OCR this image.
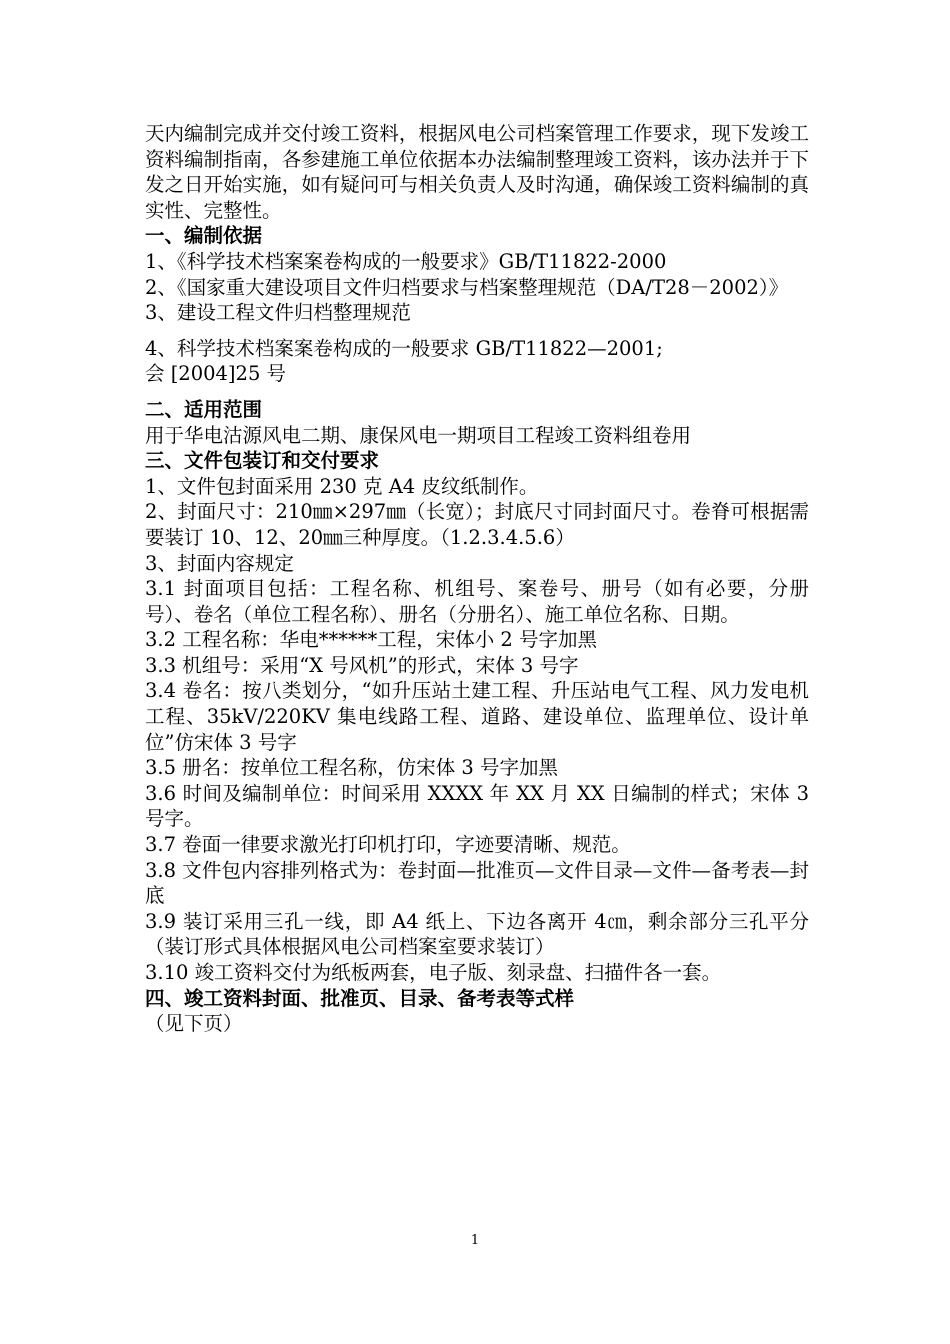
天内编制完成并交付竣工资料，根据风电公司档案管理工作要求，现下发竣工资料编制指南，各参建施工单位依据本办法编制整理竣工资料，该办法并于下发之日开始实施，如有疑问可与相关负责人及时沟通，确保竣工资料编制的真实性、完整性。

一、编制依据

1、《科学技术档案案卷构成的一般要求》GB/T11822-2000

2、《国家重大建设项目文件归档要求与档案整理规范（DA/T28－2002）》

3、建设工程文件归档整理规范

4、科学技术档案案卷构成的一般要求 GB/T11822—2001;

会 [2004]25 号

二、适用范围

用于华电沽源风电二期、康保风电一期项目工程竣工资料组卷用

三、文件包装订和交付要求

1、文件包封面采用 230 克 A4 皮纹纸制作。

2、封面尺寸：210㎜×297㎜（长宽）；封底尺寸同封面尺寸。卷脊可根据需要装订 10、12、20㎜三种厚度。（1.2.3.4.5.6）

3、封面内容规定

3.1 封面项目包括：工程名称、机组号、案卷号、册号（如有必要，分册号）、卷名（单位工程名称）、册名（分册名）、施工单位名称、日期。

3.2 工程名称：华电******工程，宋体小 2 号字加黑

3.3 机组号：采用“X 号风机”的形式，宋体 3 号字

3.4 卷名：按八类划分，“如升压站土建工程、升压站电气工程、风力发电机工程、35kV/220KV 集电线路工程、道路、建设单位、监理单位、设计单位”仿宋体 3 号字

3.5 册名：按单位工程名称，仿宋体 3 号字加黑

3.6 时间及编制单位：时间采用 XXXX 年 XX 月 XX 日编制的样式；宋体 3 号字。

3.7 卷面一律要求激光打印机打印，字迹要清晰、规范。

3.8 文件包内容排列格式为：卷封面—批准页—文件目录—文件—备考表—封底

3.9 装订采用三孔一线，即 A4 纸上、下边各离开 4㎝，剩余部分三孔平分（装订形式具体根据风电公司档案室要求装订）

3.10 竣工资料交付为纸板两套，电子版、刻录盘、扫描件各一套。

四、竣工资料封面、批准页、目录、备考表等式样

（见下页）

1
